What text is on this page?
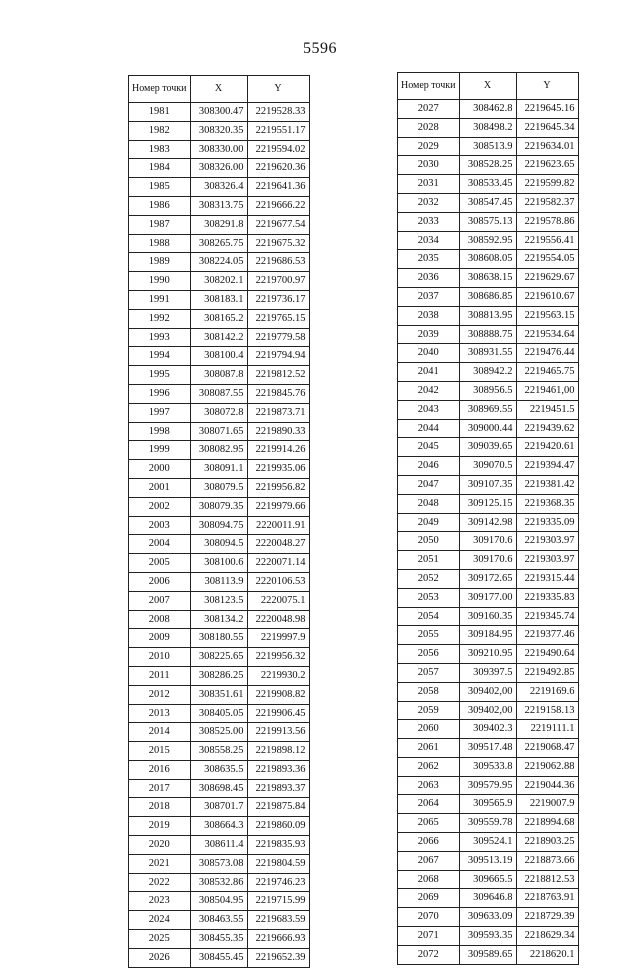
5596
Номер точки	X	Y
1981	308300.47	2219528.33
1982	308320.35	2219551.17
1983	308330.00	2219594.02
1984	308326.00	2219620.36
1985	308326.4	2219641.36
1986	308313.75	2219666.22
1987	308291.8	2219677.54
1988	308265.75	2219675.32
1989	308224.05	2219686.53
1990	308202.1	2219700.97
1991	308183.1	2219736.17
1992	308165.2	2219765.15
1993	308142.2	2219779.58
1994	308100.4	2219794.94
1995	308087.8	2219812.52
1996	308087.55	2219845.76
1997	308072.8	2219873.71
1998	308071.65	2219890.33
1999	308082.95	2219914.26
2000	308091.1	2219935.06
2001	308079.5	2219956.82
2002	308079.35	2219979.66
2003	308094.75	2220011.91
2004	308094.5	2220048.27
2005	308100.6	2220071.14
2006	308113.9	2220106.53
2007	308123.5	2220075.1
2008	308134.2	2220048.98
2009	308180.55	2219997.9
2010	308225.65	2219956.32
2011	308286.25	2219930.2
2012	308351.61	2219908.82
2013	308405.05	2219906.45
2014	308525.00	2219913.56
2015	308558.25	2219898.12
2016	308635.5	2219893.36
2017	308698.45	2219893.37
2018	308701.7	2219875.84
2019	308664.3	2219860.09
2020	308611.4	2219835.93
2021	308573.08	2219804.59
2022	308532.86	2219746.23
2023	308504.95	2219715.99
2024	308463.55	2219683.59
2025	308455.35	2219666.93
2026	308455.45	2219652.39
Номер точки	X	Y
2027	308462.8	2219645.16
2028	308498.2	2219645.34
2029	308513.9	2219634.01
2030	308528.25	2219623.65
2031	308533.45	2219599.82
2032	308547.45	2219582.37
2033	308575.13	2219578.86
2034	308592.95	2219556.41
2035	308608.05	2219554.05
2036	308638.15	2219629.67
2037	308686.85	2219610.67
2038	308813.95	2219563.15
2039	308888.75	2219534.64
2040	308931.55	2219476.44
2041	308942.2	2219465.75
2042	308956.5	2219461,00
2043	308969.55	2219451.5
2044	309000.44	2219439.62
2045	309039.65	2219420.61
2046	309070.5	2219394.47
2047	309107.35	2219381.42
2048	309125.15	2219368.35
2049	309142.98	2219335.09
2050	309170.6	2219303.97
2051	309170.6	2219303.97
2052	309172.65	2219315.44
2053	309177.00	2219335.83
2054	309160.35	2219345.74
2055	309184.95	2219377.46
2056	309210.95	2219490.64
2057	309397.5	2219492.85
2058	309402,00	2219169.6
2059	309402,00	2219158.13
2060	309402.3	2219111.1
2061	309517.48	2219068.47
2062	309533.8	2219062.88
2063	309579.95	2219044.36
2064	309565.9	2219007.9
2065	309559.78	2218994.68
2066	309524.1	2218903.25
2067	309513.19	2218873.66
2068	309665.5	2218812.53
2069	309646.8	2218763.91
2070	309633.09	2218729.39
2071	309593.35	2218629.34
2072	309589.65	2218620.1
